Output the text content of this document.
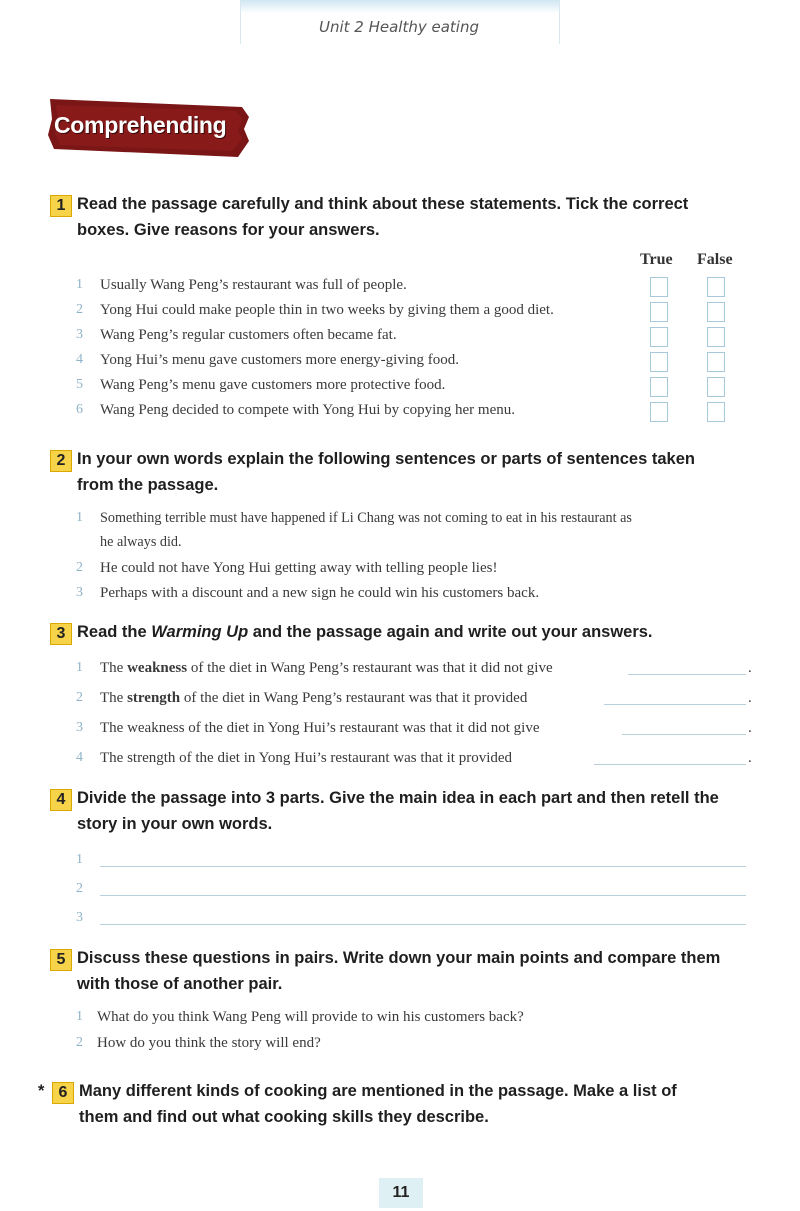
Unit 2 Healthy eating
Comprehending
1 Read the passage carefully and think about these statements. Tick the correct
boxes. Give reasons for your answers.
True False
1 Usually Wang Peng’s restaurant was full of people.
2 Yong Hui could make people thin in two weeks by giving them a good diet.
3 Wang Peng’s regular customers often became fat.
4 Yong Hui’s menu gave customers more energy-giving food.
5 Wang Peng’s menu gave customers more protective food.
6 Wang Peng decided to compete with Yong Hui by copying her menu.
2 In your own words explain the following sentences or parts of sentences taken
from the passage.
1 Something terrible must have happened if Li Chang was not coming to eat in his restaurant as
he always did.
2 He could not have Yong Hui getting away with telling people lies!
3 Perhaps with a discount and a new sign he could win his customers back.
3 Read the Warming Up and the passage again and write out your answers.
1 The weakness of the diet in Wang Peng’s restaurant was that it did not give	.
2 The strength of the diet in Wang Peng’s restaurant was that it provided	.
3 The weakness of the diet in Yong Hui’s restaurant was that it did not give	.
4 The strength of the diet in Yong Hui’s restaurant was that it provided	.
4 Divide the passage into 3 parts. Give the main idea in each part and then retell the
story in your own words.
1
2
3
5 Discuss these questions in pairs. Write down your main points and compare them
with those of another pair.
1 What do you think Wang Peng will provide to win his customers back?
2 How do you think the story will end?
* 6 Many different kinds of cooking are mentioned in the passage. Make a list of
them and find out what cooking skills they describe.
11
